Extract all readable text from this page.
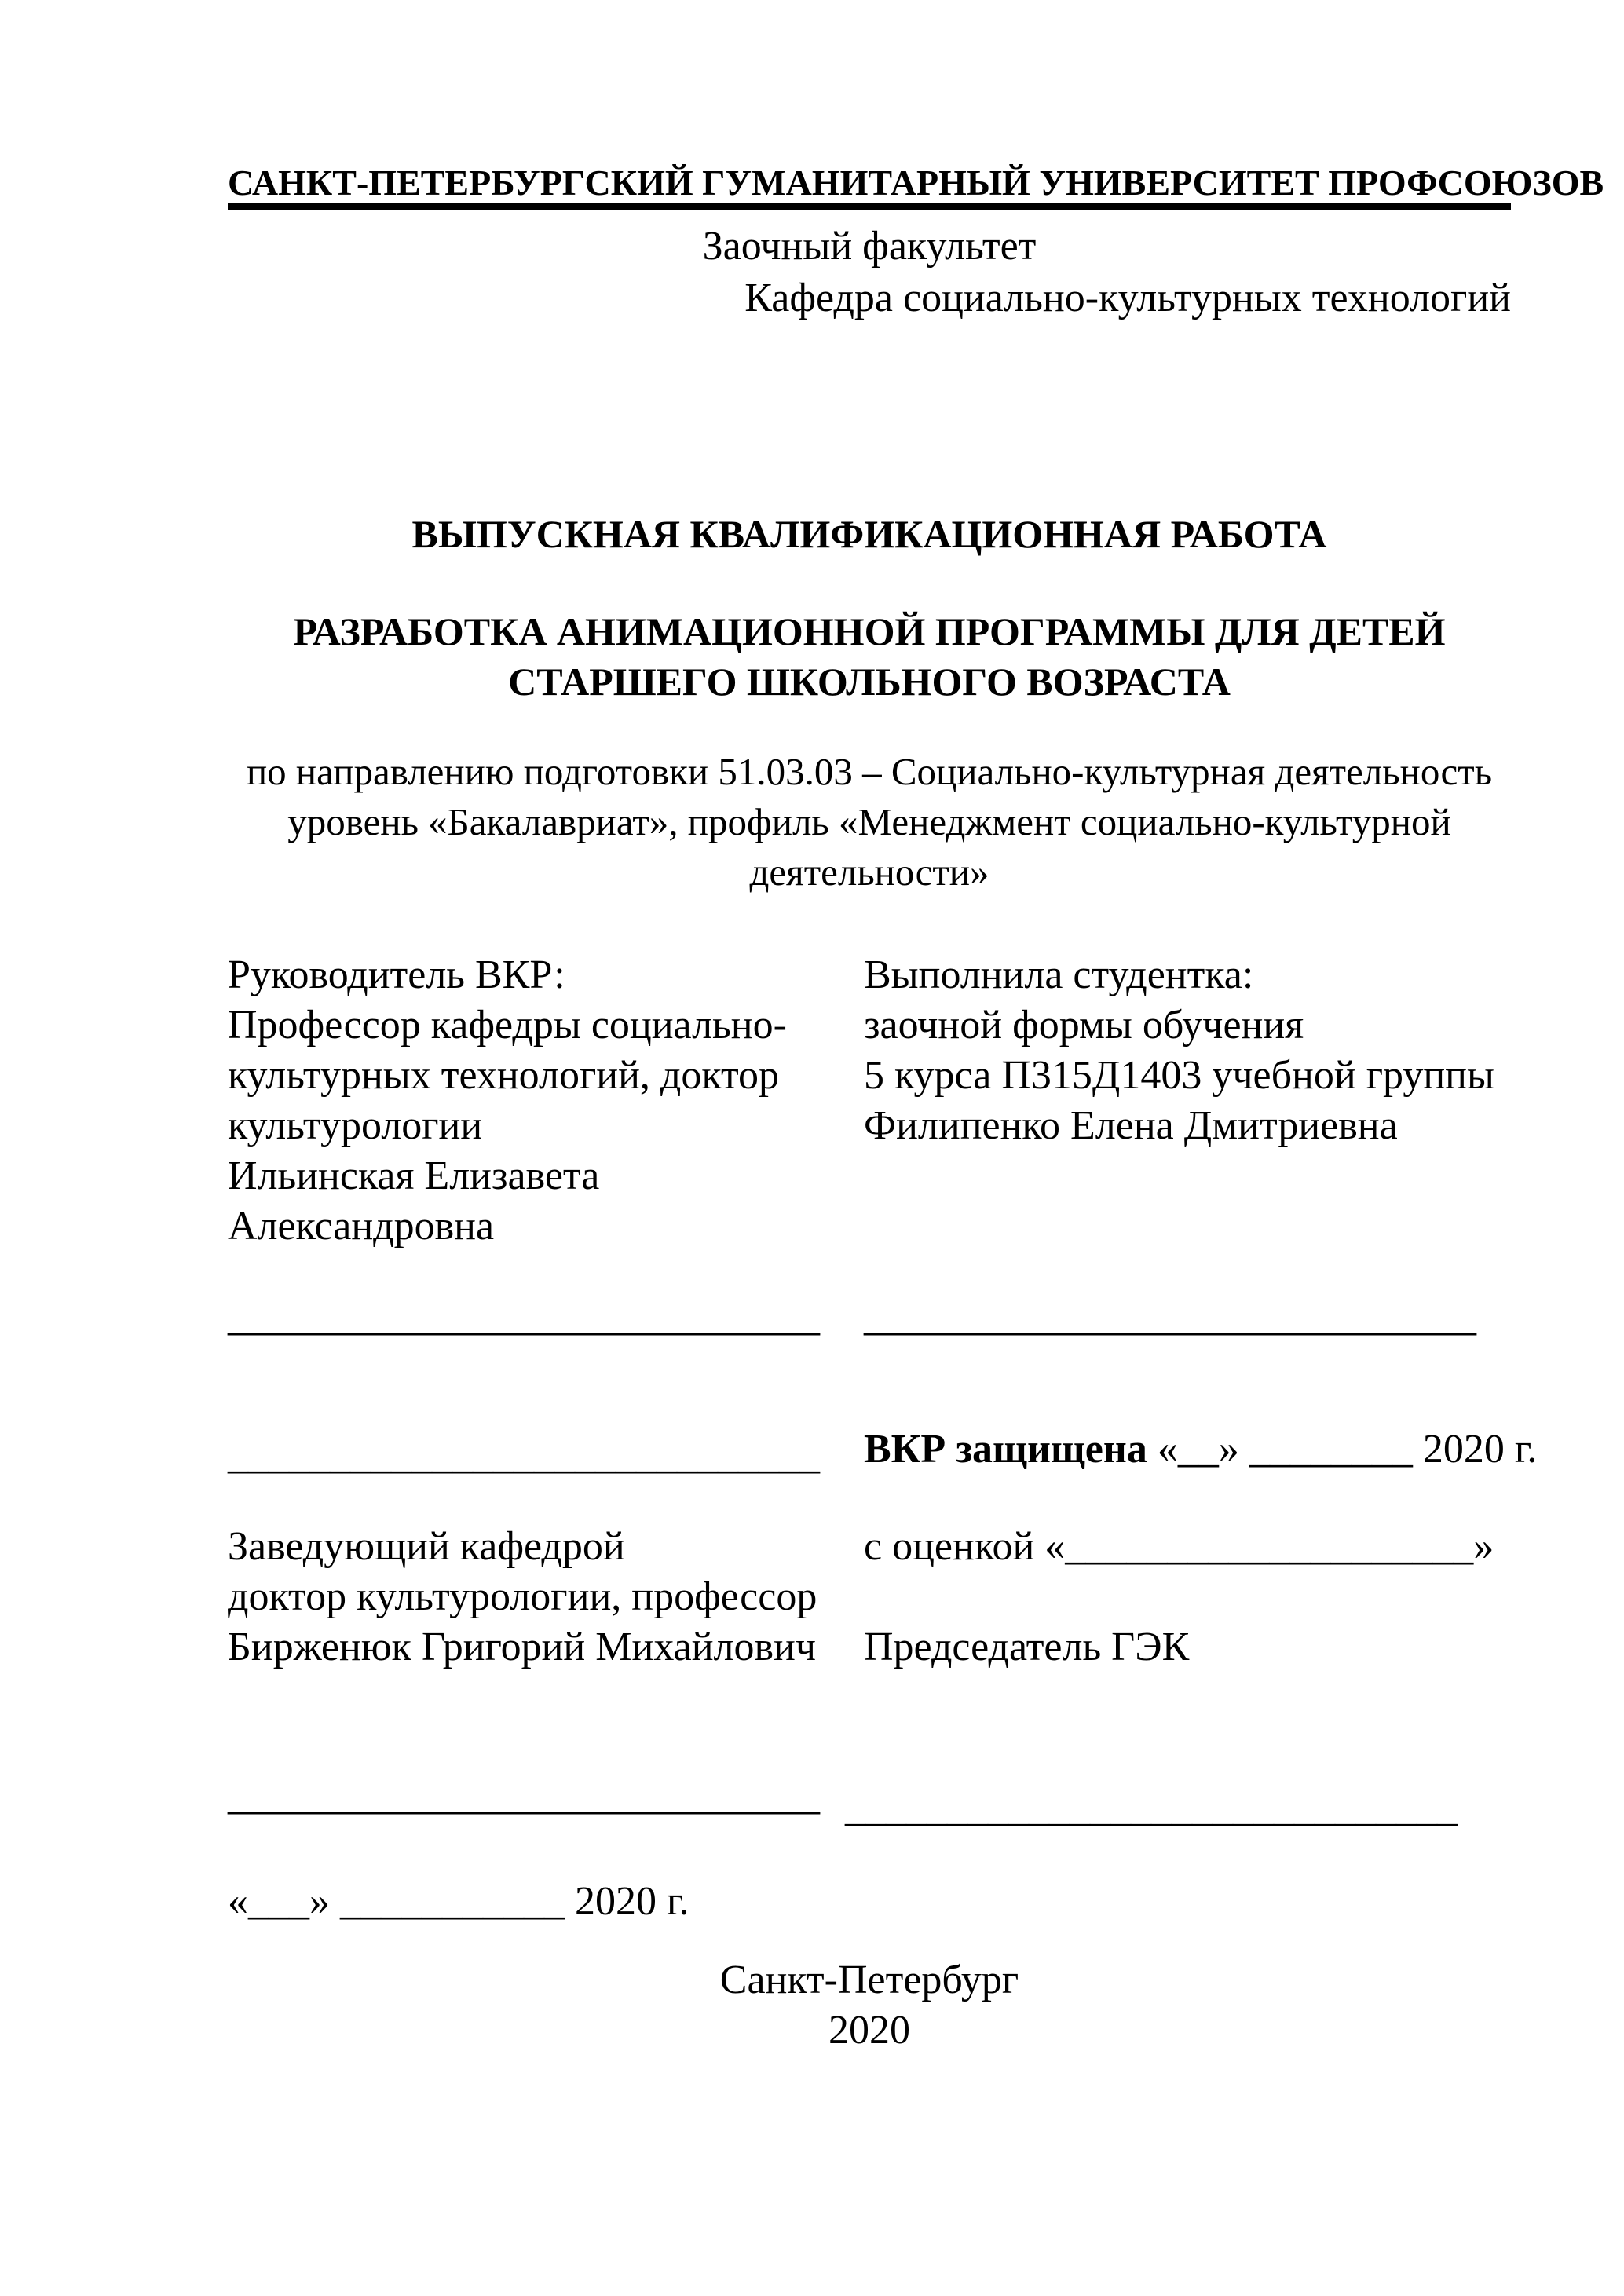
САНКТ-ПЕТЕРБУРГСКИЙ ГУМАНИТАРНЫЙ УНИВЕРСИТЕТ ПРОФСОЮЗОВ
Заочный факультет
Кафедра социально-культурных технологий
ВЫПУСКНАЯ КВАЛИФИКАЦИОННАЯ РАБОТА
РАЗРАБОТКА АНИМАЦИОННОЙ ПРОГРАММЫ ДЛЯ ДЕТЕЙ
СТАРШЕГО ШКОЛЬНОГО ВОЗРАСТА
по направлению подготовки 51.03.03 – Социально-культурная деятельность
уровень «Бакалавриат», профиль «Менеджмент социально-культурной
деятельности»
Руководитель ВКР:
Профессор кафедры социально-
культурных технологий, доктор
культурологии
Ильинская Елизавета
Александровна
Выполнила студентка:
заочной формы обучения
5 курса П315Д1403 учебной группы
Филипенко Елена Дмитриевна
_____________________________ ______________________________
_____________________________ ВКР защищена «__» ________ 2020 г.
Заведующий кафедрой	с оценкой «____________________»
доктор культурологии, профессор
Бирженюк Григорий Михайлович Председатель ГЭК
_____________________________ ______________________________
«___» ___________ 2020 г.
Санкт-Петербург
2020
